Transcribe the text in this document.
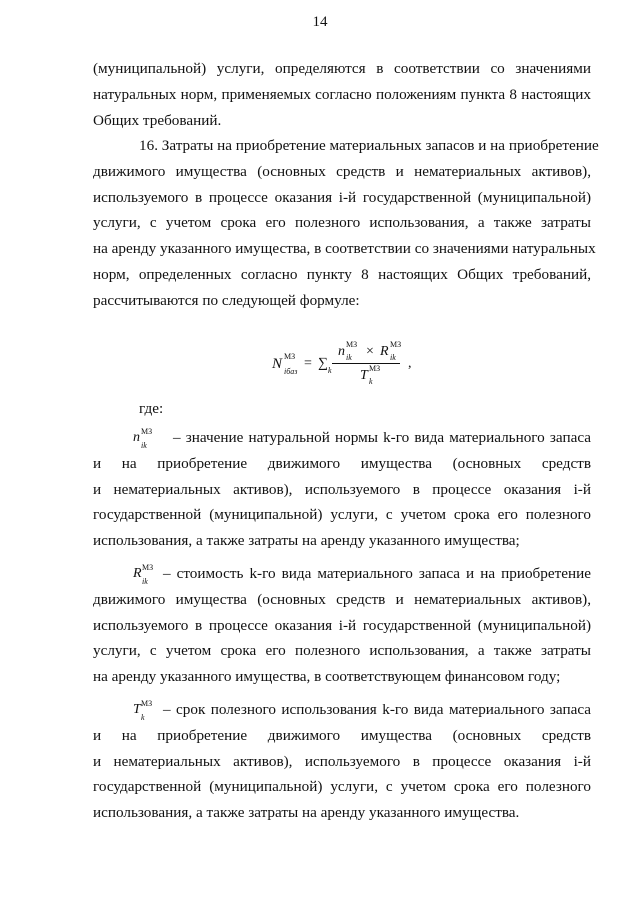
14
(муниципальной) услуги, определяются в соответствии со значениями
натуральных норм, применяемых согласно положениям пункта 8 настоящих
Общих требований.
16. Затраты на приобретение материальных запасов и на приобретение
движимого имущества (основных средств и нематериальных активов),
используемого в процессе оказания i-й государственной (муниципальной)
услуги, с учетом срока его полезного использования, а также затраты
на аренду указанного имущества, в соответствии со значениями натуральных
норм, определенных согласно пункту 8 настоящих Общих требований,
рассчитываются по следующей формуле:
N МЗ
iбаз
= ∑ k
n МЗ
ik × R МЗ
ik
T МЗ
k
,
где:
n МЗ
ik – значение натуральной нормы k-го вида материального запаса
и на приобретение движимого имущества (основных средств
и нематериальных активов), используемого в процессе оказания i-й
государственной (муниципальной) услуги, с учетом срока его полезного
использования, а также затраты на аренду указанного имущества;
R МЗ
ik – стоимость k-го вида материального запаса и на приобретение
движимого имущества (основных средств и нематериальных активов),
используемого в процессе оказания i-й государственной (муниципальной)
услуги, с учетом срока его полезного использования, а также затраты
на аренду указанного имущества, в соответствующем финансовом году;
T МЗ
k – срок полезного использования k-го вида материального запаса
и на приобретение движимого имущества (основных средств
и нематериальных активов), используемого в процессе оказания i-й
государственной (муниципальной) услуги, с учетом срока его полезного
использования, а также затраты на аренду указанного имущества.
